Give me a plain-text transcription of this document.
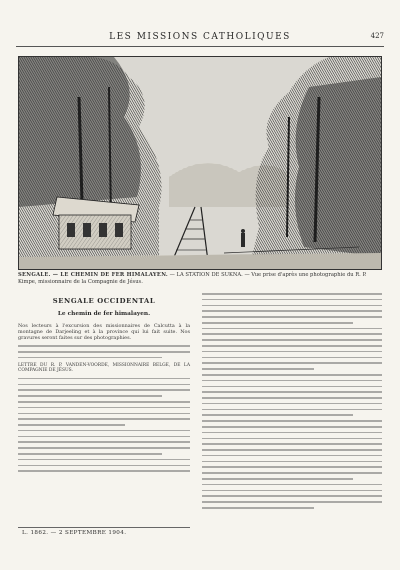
LES MISSIONS CATHOLIQUES	427
SENGALE. — LE CHEMIN DE FER HIMALAYEN. — LA STATION DE SUKNA. — Vue prise d'après une photographie du R. P. Kimpe, missionnaire de la Compagnie de Jésus.
SENGALE OCCIDENTAL
Le chemin de fer himalayen.

Nos lecteurs à l'excursion des missionnaires de Calcutta à la montagne de Darjeeling et à la province qui lui fait suite. Nos gravures seront faites sur des photographies.

LETTRE DU R. P. VANDEN-VOORDE, MISSIONNAIRE BELGE, DE LA COMPAGNIE DE JÉSUS.

L. 1862. — 2 SEPTEMBRE 1904.
